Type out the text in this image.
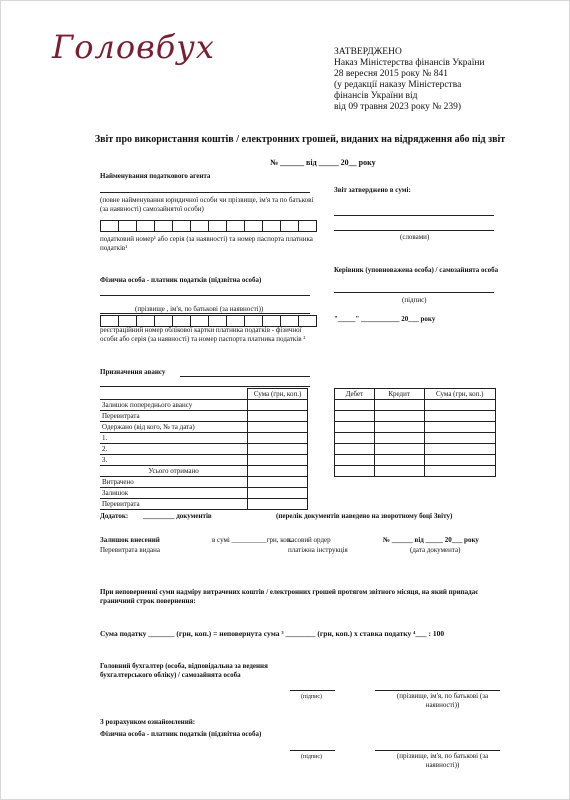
Головбух	ЗАТВЕРДЖЕНО
Наказ Міністерства фінансів України
28 вересня 2015 року № 841
(у редакції наказу Міністерства
фінансів України від
від 09 травня 2023 року № 239)
Звіт про використання коштів / електронних грошей, виданих на відрядження або під звіт
№ ______ від _____ 20__ року
Найменування податкового агента
(повне найменування юридичної особи чи прізвище, ім'я та по батькові (за наявності) самозайнятої особи)
податковий номер¹ або серія (за наявності) та номер паспорта платника податків¹
Фізична особа - платник податків (підзвітна особа)
(прізвище , ім'я, по батькові (за наявності))
реєстраційний номер облікової картки платника податків - фізичної особи або серія (за наявності) та номер паспорта платника податків ²
Призначення авансу
Звіт затверджено в сумі:
(словами)
Керівник (уповноважена особа) / самозайнята особа
(підпис)
"_____" ___________ 20___ року
	Сума (грн, коп.)
Залишок попереднього авансу	
Перевитрата	
Одержано (від кого, № та дата)	
1.	
2.	
3.	
Усього отримано	
Витрачено	
Залишок	
Перевитрата	
Дебет	Кредит	Сума (грн, коп.)

Додаток: _________ документів	(перелік документів наведено на зворотному боці Звіту)
Залишок внесений
Перевитрата видана
в сумі __________грн, коп.
касовий ордер
платіжна інструкція
№ ______ від _____ 20___ року
(дата документа)
При неповерненні суми надміру витрачених коштів / електронних грошей протягом звітного місяця, на який припадає граничний строк повернення:
Сума податку _______ (грн, коп.) = неповернута сума ³ ________ (грн, коп.) х ставка податку ⁴___ : 100
Головний бухгалтер (особа, відповідальна за ведення бухгалтерського обліку) / самозайнята особа
(підпис)	(прізвище, ім'я, по батькові (за наявності))
З розрахунком ознайомлений:
Фізична особа - платник податків (підзвітна особа)
(підпис)	(прізвище, ім'я, по батькові (за наявності))
